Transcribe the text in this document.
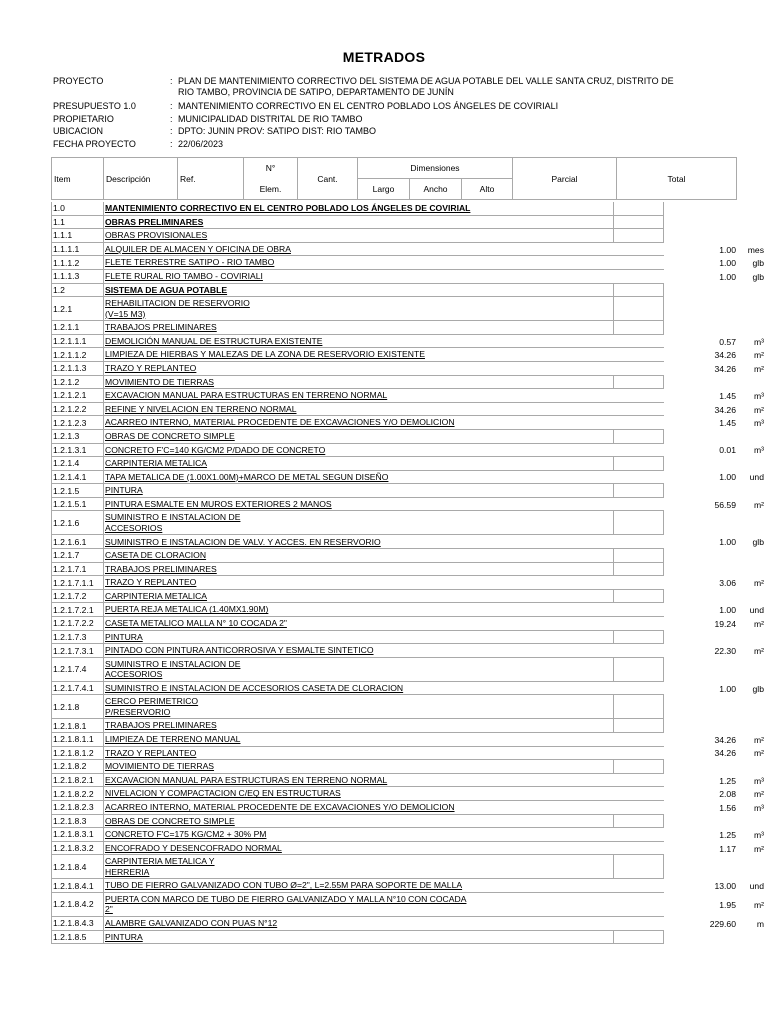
METRADOS
PROYECTO	: PLAN DE MANTENIMIENTO CORRECTIVO DEL SISTEMA DE AGUA POTABLE DEL VALLE SANTA CRUZ, DISTRITO DE RIO TAMBO, PROVINCIA DE SATIPO, DEPARTAMENTO DE JUNÍN
PRESUPUESTO 1.0	: MANTENIMIENTO CORRECTIVO EN EL CENTRO POBLADO LOS ÁNGELES DE COVIRIALI
PROPIETARIO	: MUNICIPALIDAD DISTRITAL DE RIO TAMBO
UBICACION	: DPTO: JUNIN PROV: SATIPO DIST: RIO TAMBO
FECHA PROYECTO	: 22/06/2023
Item	Descripción	Ref.	N°	Cant.	Dimensiones			Parcial	Total
			Elem.		Largo	Ancho	Alto		
1.0	MANTENIMIENTO CORRECTIVO EN EL CENTRO POBLADO LOS ÁNGELES DE COVIRIAL
1.1	OBRAS PRELIMINARES
1.1.1	OBRAS PROVISIONALES
1.1.1.1	ALQUILER DE ALMACEN Y OFICINA DE OBRA	1.00	mes
1.1.1.2	FLETE TERRESTRE SATIPO - RIO TAMBO	1.00	glb
1.1.1.3	FLETE RURAL RIO TAMBO - COVIRIALI	1.00	glb
1.2	SISTEMA DE AGUA POTABLE
1.2.1
REHABILITACION DE RESERVORIO
(V=15 M3)
1.2.1.1	TRABAJOS PRELIMINARES
1.2.1.1.1	DEMOLICIÓN MANUAL DE ESTRUCTURA EXISTENTE	0.57	m³
1.2.1.1.2	LIMPIEZA DE HIERBAS Y MALEZAS DE LA ZONA DE RESERVORIO EXISTENTE	34.26	m²
1.2.1.1.3	TRAZO Y REPLANTEO	34.26	m²
1.2.1.2	MOVIMIENTO DE TIERRAS
1.2.1.2.1	EXCAVACION MANUAL PARA ESTRUCTURAS EN TERRENO NORMAL	1.45	m³
1.2.1.2.2	REFINE Y NIVELACION EN TERRENO NORMAL	34.26	m²
1.2.1.2.3	ACARREO INTERNO, MATERIAL PROCEDENTE DE EXCAVACIONES Y/O DEMOLICION	1.45	m³
1.2.1.3	OBRAS DE CONCRETO SIMPLE
1.2.1.3.1	CONCRETO F'C=140 KG/CM2 P/DADO DE CONCRETO	0.01	m³
1.2.1.4	CARPINTERIA METALICA
1.2.1.4.1	TAPA METALICA DE (1.00X1.00M)+MARCO DE METAL SEGUN DISEÑO	1.00	und
1.2.1.5	PINTURA
1.2.1.5.1	PINTURA ESMALTE EN MUROS EXTERIORES 2 MANOS	56.59	m²
1.2.1.6
SUMINISTRO E INSTALACION DE
ACCESORIOS
1.2.1.6.1	SUMINISTRO E INSTALACION DE VALV. Y ACCES. EN RESERVORIO	1.00	glb
1.2.1.7	CASETA DE CLORACION
1.2.1.7.1	TRABAJOS PRELIMINARES
1.2.1.7.1.1	TRAZO Y REPLANTEO	3.06	m²
1.2.1.7.2	CARPINTERIA METALICA
1.2.1.7.2.1	PUERTA REJA METALICA (1.40MX1.90M)	1.00	und
1.2.1.7.2.2	CASETA METALICO MALLA N° 10 COCADA 2"	19.24	m²
1.2.1.7.3	PINTURA
1.2.1.7.3.1	PINTADO CON PINTURA ANTICORROSIVA Y ESMALTE SINTETICO	22.30	m²
1.2.1.7.4
SUMINISTRO E INSTALACION DE
ACCESORIOS
1.2.1.7.4.1	SUMINISTRO E INSTALACION DE ACCESORIOS CASETA DE CLORACION	1.00	glb
1.2.1.8
CERCO PERIMETRICO
P/RESERVORIO
1.2.1.8.1	TRABAJOS PRELIMINARES
1.2.1.8.1.1	LIMPIEZA DE TERRENO MANUAL	34.26	m²
1.2.1.8.1.2	TRAZO Y REPLANTEO	34.26	m²
1.2.1.8.2	MOVIMIENTO DE TIERRAS
1.2.1.8.2.1	EXCAVACION MANUAL PARA ESTRUCTURAS EN TERRENO NORMAL	1.25	m³
1.2.1.8.2.2	NIVELACION Y COMPACTACION C/EQ EN ESTRUCTURAS	2.08	m²
1.2.1.8.2.3	ACARREO INTERNO, MATERIAL PROCEDENTE DE EXCAVACIONES Y/O DEMOLICION	1.56	m³
1.2.1.8.3	OBRAS DE CONCRETO SIMPLE
1.2.1.8.3.1	CONCRETO F'C=175 KG/CM2 + 30% PM	1.25	m³
1.2.1.8.3.2	ENCOFRADO Y DESENCOFRADO NORMAL	1.17	m²
1.2.1.8.4
CARPINTERIA METALICA Y
HERRERIA
1.2.1.8.4.1	TUBO DE FIERRO GALVANIZADO CON TUBO Ø=2", L=2.55M PARA SOPORTE DE MALLA	13.00	und
1.2.1.8.4.2
PUERTA CON MARCO DE TUBO DE FIERRO GALVANIZADO Y MALLA N°10 CON COCADA
2"	1.95	m²
1.2.1.8.4.3	ALAMBRE GALVANIZADO CON PUAS N°12	229.60	m
1.2.1.8.5	PINTURA
